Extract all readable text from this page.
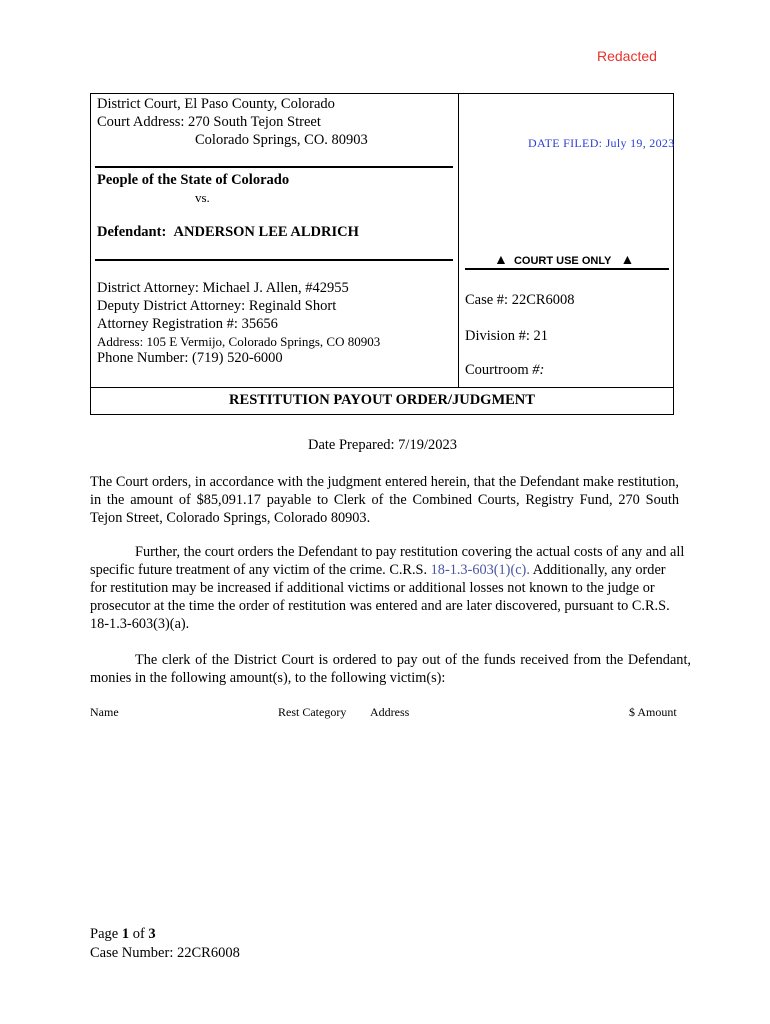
Redacted
District Court, El Paso County, Colorado
Court Address: 270 South Tejon Street
Colorado Springs, CO. 80903	DATE FILED: July 19, 2023
People of the State of Colorado
vs.
Defendant: ANDERSON LEE ALDRICH
▲ COURT USE ONLY ▲
District Attorney: Michael J. Allen, #42955
Deputy District Attorney: Reginald Short
Attorney Registration #: 35656
Address: 105 E Vermijo, Colorado Springs, CO 80903
Phone Number: (719) 520-6000
Case #: 22CR6008
Division #: 21
Courtroom #:
RESTITUTION PAYOUT ORDER/JUDGMENT
Date Prepared: 7/19/2023
The Court orders, in accordance with the judgment entered herein, that the Defendant make restitution, in the amount of $85,091.17 payable to Clerk of the Combined Courts, Registry Fund, 270 South Tejon Street, Colorado Springs, Colorado 80903.
Further, the court orders the Defendant to pay restitution covering the actual costs of any and all specific future treatment of any victim of the crime. C.R.S. 18-1.3-603(1)(c). Additionally, any order for restitution may be increased if additional victims or additional losses not known to the judge or prosecutor at the time the order of restitution was entered and are later discovered, pursuant to C.R.S. 18-1.3-603(3)(a).
The clerk of the District Court is ordered to pay out of the funds received from the Defendant, monies in the following amount(s), to the following victim(s):
Name	Rest Category Address	$ Amount
Page 1 of 3
Case Number: 22CR6008
